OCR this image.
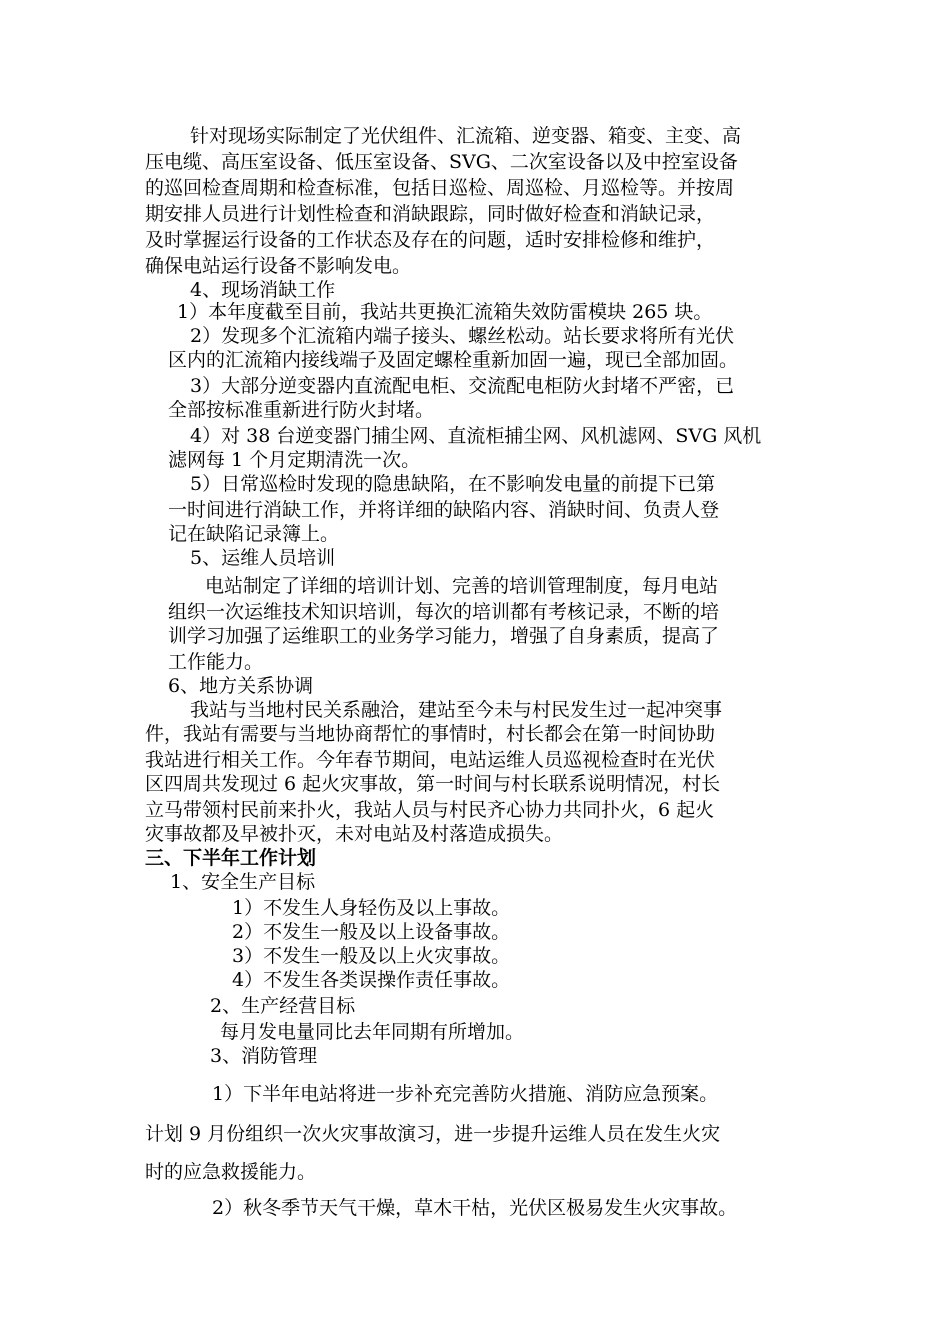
针对现场实际制定了光伏组件、汇流箱、逆变器、箱变、主变、高
压电缆、高压室设备、低压室设备、SVG、二次室设备以及中控室设备
的巡回检查周期和检查标准，包括日巡检、周巡检、月巡检等。并按周
期安排人员进行计划性检查和消缺跟踪，同时做好检查和消缺记录，
及时掌握运行设备的工作状态及存在的问题，适时安排检修和维护，
确保电站运行设备不影响发电。
4、现场消缺工作
1）本年度截至目前，我站共更换汇流箱失效防雷模块 265 块。
2）发现多个汇流箱内端子接头、螺丝松动。站长要求将所有光伏
区内的汇流箱内接线端子及固定螺栓重新加固一遍，现已全部加固。
3）大部分逆变器内直流配电柜、交流配电柜防火封堵不严密，已
全部按标准重新进行防火封堵。
4）对 38 台逆变器门捕尘网、直流柜捕尘网、风机滤网、SVG 风机
滤网每 1 个月定期清洗一次。
5）日常巡检时发现的隐患缺陷，在不影响发电量的前提下已第
一时间进行消缺工作，并将详细的缺陷内容、消缺时间、负责人登
记在缺陷记录簿上。
5、运维人员培训
电站制定了详细的培训计划、完善的培训管理制度，每月电站
组织一次运维技术知识培训，每次的培训都有考核记录，不断的培
训学习加强了运维职工的业务学习能力，增强了自身素质，提高了
工作能力。
6、地方关系协调
我站与当地村民关系融洽，建站至今未与村民发生过一起冲突事
件，我站有需要与当地协商帮忙的事情时，村长都会在第一时间协助
我站进行相关工作。今年春节期间，电站运维人员巡视检查时在光伏
区四周共发现过 6 起火灾事故，第一时间与村长联系说明情况，村长
立马带领村民前来扑火，我站人员与村民齐心协力共同扑火，6 起火
灾事故都及早被扑灭，未对电站及村落造成损失。
三、下半年工作计划
1、安全生产目标
1）不发生人身轻伤及以上事故。
2）不发生一般及以上设备事故。
3）不发生一般及以上火灾事故。
4）不发生各类误操作责任事故。
2、生产经营目标
每月发电量同比去年同期有所增加。
3、消防管理
1）下半年电站将进一步补充完善防火措施、消防应急预案。
计划 9 月份组织一次火灾事故演习，进一步提升运维人员在发生火灾
时的应急救援能力。
2）秋冬季节天气干燥，草木干枯，光伏区极易发生火灾事故。
